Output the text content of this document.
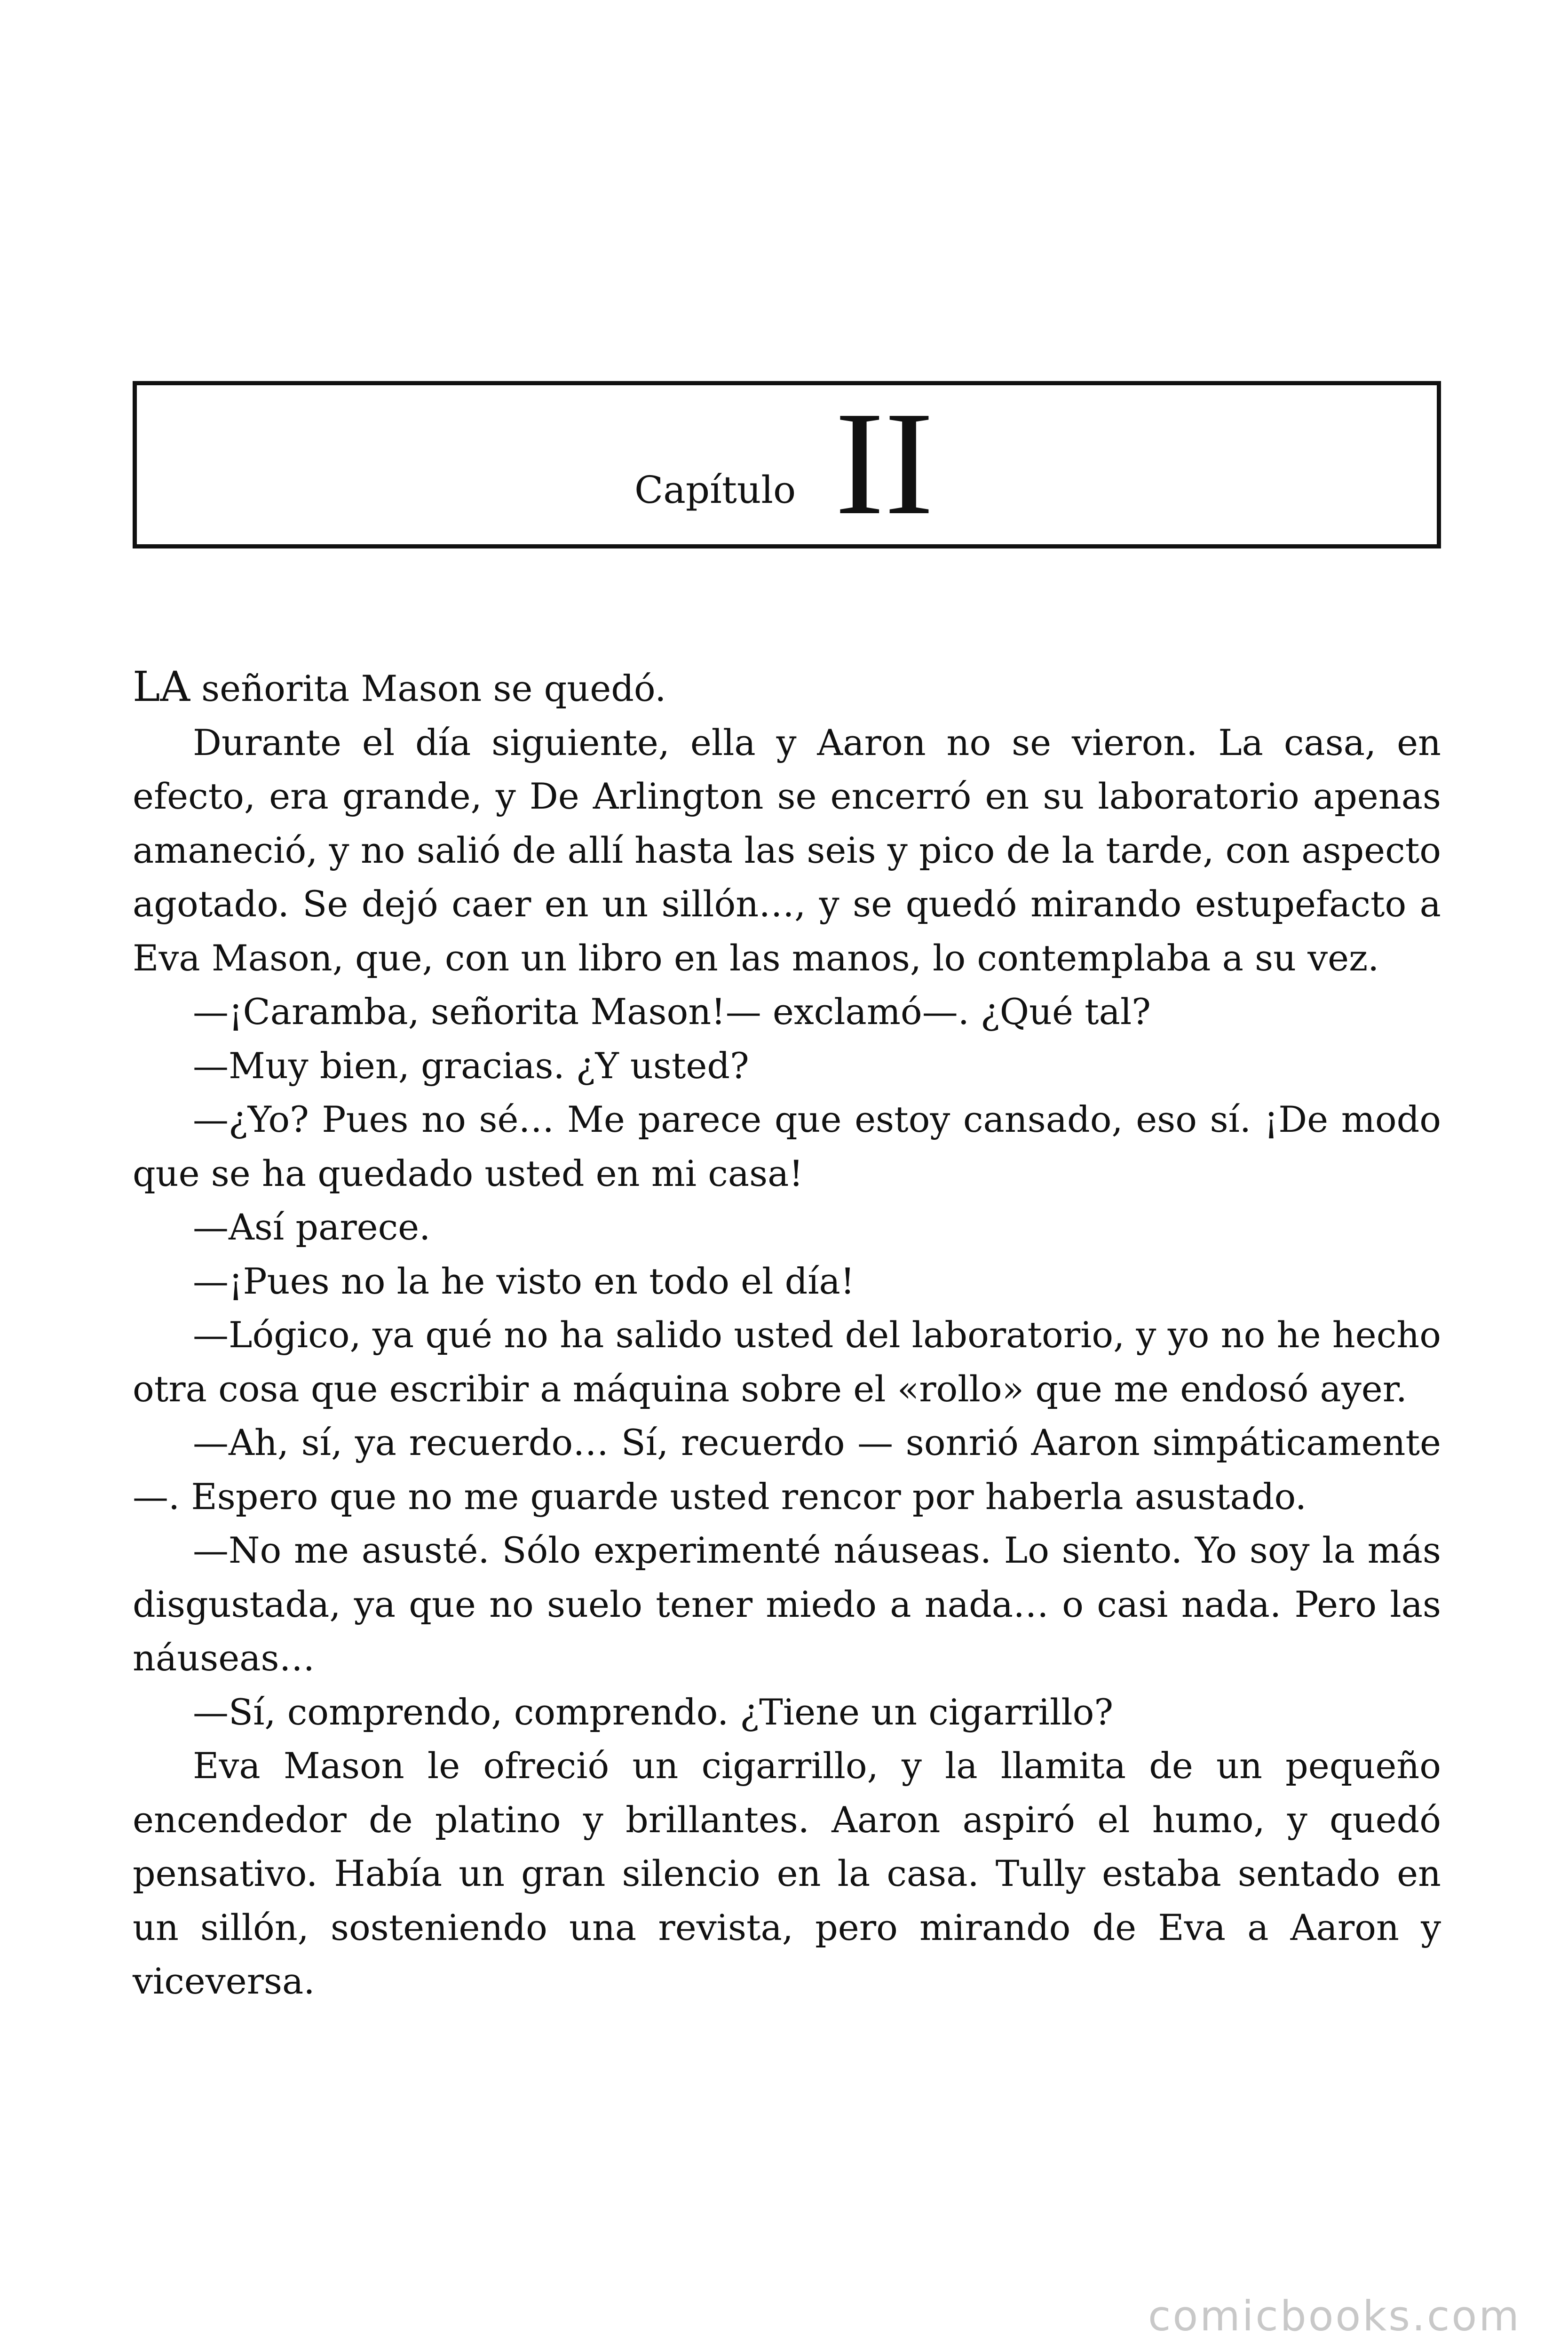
Capítulo II

LA señorita Mason se quedó.

Durante el día siguiente, ella y Aaron no se vieron. La casa, en efecto, era grande, y De Arlington se encerró en su laboratorio apenas amaneció, y no salió de allí hasta las seis y pico de la tarde, con aspecto agotado. Se dejó caer en un sillón…, y se quedó mirando estupefacto a Eva Mason, que, con un libro en las manos, lo contemplaba a su vez.

—¡Caramba, señorita Mason!— exclamó—. ¿Qué tal?

—Muy bien, gracias. ¿Y usted?

—¿Yo? Pues no sé… Me parece que estoy cansado, eso sí. ¡De modo que se ha quedado usted en mi casa!

—Así parece.

—¡Pues no la he visto en todo el día!

—Lógico, ya qué no ha salido usted del laboratorio, y yo no he hecho otra cosa que escribir a máquina sobre el «rollo» que me endosó ayer.

—Ah, sí, ya recuerdo… Sí, recuerdo — sonrió Aaron simpáticamente—. Espero que no me guarde usted rencor por haberla asustado.

—No me asusté. Sólo experimenté náuseas. Lo siento. Yo soy la más disgustada, ya que no suelo tener miedo a nada… o casi nada. Pero las náuseas…

—Sí, comprendo, comprendo. ¿Tiene un cigarrillo?

Eva Mason le ofreció un cigarrillo, y la llamita de un pequeño encendedor de platino y brillantes. Aaron aspiró el humo, y quedó pensativo. Había un gran silencio en la casa. Tully estaba sentado en un sillón, sosteniendo una revista, pero mirando de Eva a Aaron y viceversa.

comicbooks.com
